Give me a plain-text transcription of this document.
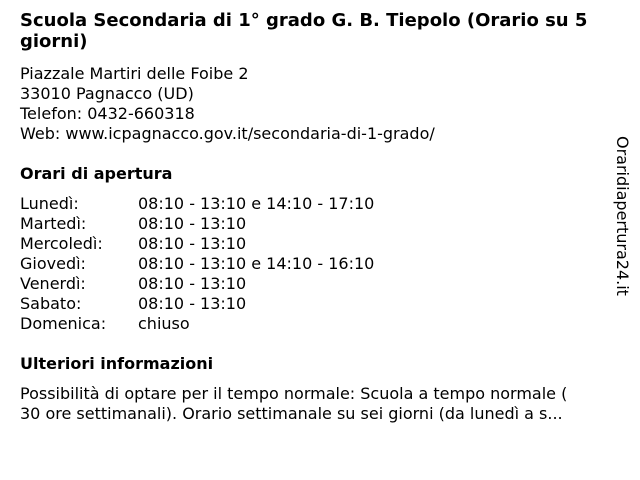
Scuola Secondaria di 1° grado G. B. Tiepolo (Orario su 5 giorni)
Piazzale Martiri delle Foibe 2
33010 Pagnacco (UD)
Telefon: 0432-660318
Web: www.icpagnacco.gov.it/secondaria-di-1-grado/
Orari di apertura
Lunedì:	08:10 - 13:10 e 14:10 - 17:10
Martedì:	08:10 - 13:10
Mercoledì:	08:10 - 13:10
Giovedì:	08:10 - 13:10 e 14:10 - 16:10
Venerdì:	08:10 - 13:10
Sabato:	08:10 - 13:10
Domenica:	chiuso
Ulteriori informazioni
Possibilità di optare per il tempo normale: Scuola a tempo normale (
30 ore settimanali). Orario settimanale su sei giorni (da lunedì a s...
Oraridiapertura24.it
